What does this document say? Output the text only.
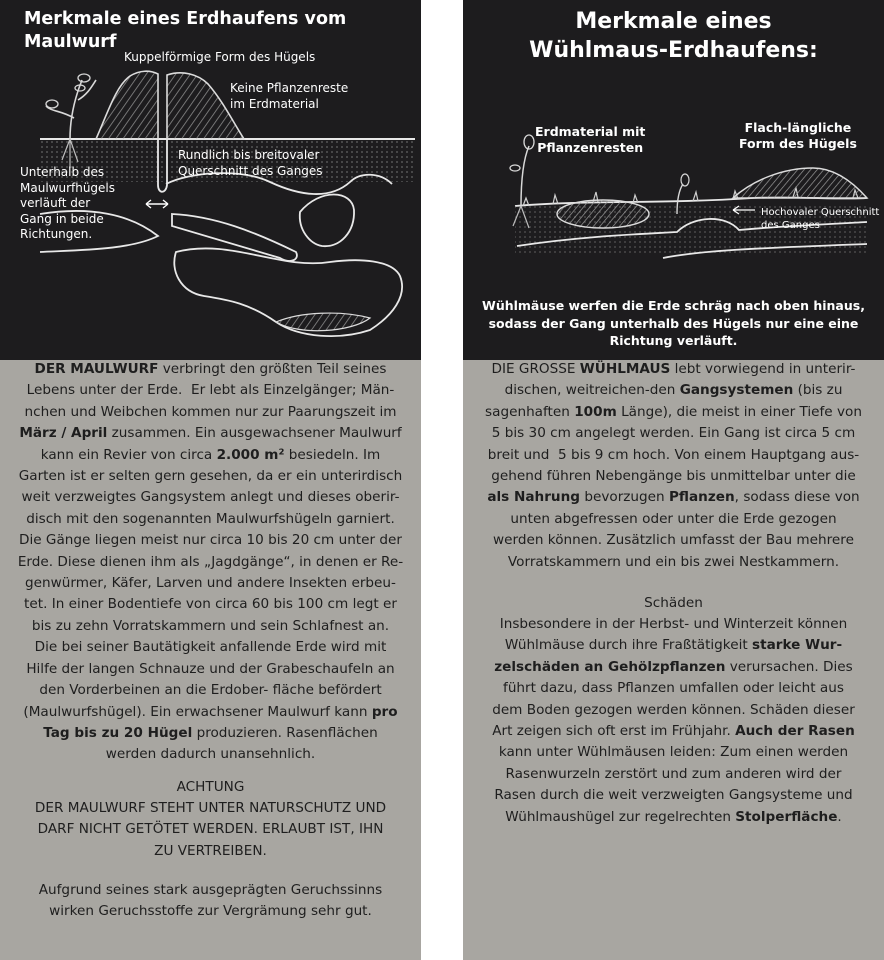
Merkmale eines Erdhaufens vom Maulwurf
Kuppelförmige Form des Hügels
Keine Pflanzenreste
im Erdmaterial
Rundlich bis breitovaler
Querschnitt des Ganges
Unterhalb des
Maulwurfhügels
verläuft der
Gang in beide
Richtungen.
DER MAULWURF verbringt den größten Teil seines
Lebens unter der Erde.  Er lebt als Einzelgänger; Män-
nchen und Weibchen kommen nur zur Paarungszeit im
März / April zusammen. Ein ausgewachsener Maulwurf
kann ein Revier von circa 2.000 m² besiedeln. Im
Garten ist er selten gern gesehen, da er ein unterirdisch
weit verzweigtes Gangsystem anlegt und dieses oberir-
disch mit den sogenannten Maulwurfshügeln garniert.
Die Gänge liegen meist nur circa 10 bis 20 cm unter der
Erde. Diese dienen ihm als „Jagdgänge“, in denen er Re-
genwürmer, Käfer, Larven und andere Insekten erbeu-
tet. In einer Bodentiefe von circa 60 bis 100 cm legt er
bis zu zehn Vorratskammern und sein Schlafnest an.
Die bei seiner Bautätigkeit anfallende Erde wird mit
Hilfe der langen Schnauze und der Grabeschaufeln an
den Vorderbeinen an die Erdober- fläche befördert
(Maulwurfshügel). Ein erwachsener Maulwurf kann pro
Tag bis zu 20 Hügel produzieren. Rasenflächen
werden dadurch unansehnlich.
ACHTUNG
DER MAULWURF STEHT UNTER NATURSCHUTZ UND
DARF NICHT GETÖTET WERDEN. ERLAUBT IST, IHN
ZU VERTREIBEN.
Aufgrund seines stark ausgeprägten Geruchssinns
wirken Geruchsstoffe zur Vergrämung sehr gut.
Merkmale eines
Wühlmaus-Erdhaufens:
Erdmaterial mit
Pflanzenresten
Flach-längliche
Form des Hügels
Hochovaler Querschnitt
des Ganges
Wühlmäuse werfen die Erde schräg nach oben hinaus,
sodass der Gang unterhalb des Hügels nur eine eine
Richtung verläuft.
DIE GROSSE WÜHLMAUS lebt vorwiegend in unterir-
dischen, weitreichen-den Gangsystemen (bis zu
sagenhaften 100m Länge), die meist in einer Tiefe von
5 bis 30 cm angelegt werden. Ein Gang ist circa 5 cm
breit und  5 bis 9 cm hoch. Von einem Hauptgang aus-
gehend führen Nebengänge bis unmittelbar unter die
als Nahrung bevorzugen Pflanzen, sodass diese von
unten abgefressen oder unter die Erde gezogen
werden können. Zusätzlich umfasst der Bau mehrere
Vorratskammern und ein bis zwei Nestkammern.
Schäden
Insbesondere in der Herbst- und Winterzeit können
Wühlmäuse durch ihre Fraßtätigkeit starke Wur-
zelschäden an Gehölzpflanzen verursachen. Dies
führt dazu, dass Pflanzen umfallen oder leicht aus
dem Boden gezogen werden können. Schäden dieser
Art zeigen sich oft erst im Frühjahr. Auch der Rasen
kann unter Wühlmäusen leiden: Zum einen werden
Rasenwurzeln zerstört und zum anderen wird der
Rasen durch die weit verzweigten Gangsysteme und
Wühlmaushügel zur regelrechten Stolperfläche.
